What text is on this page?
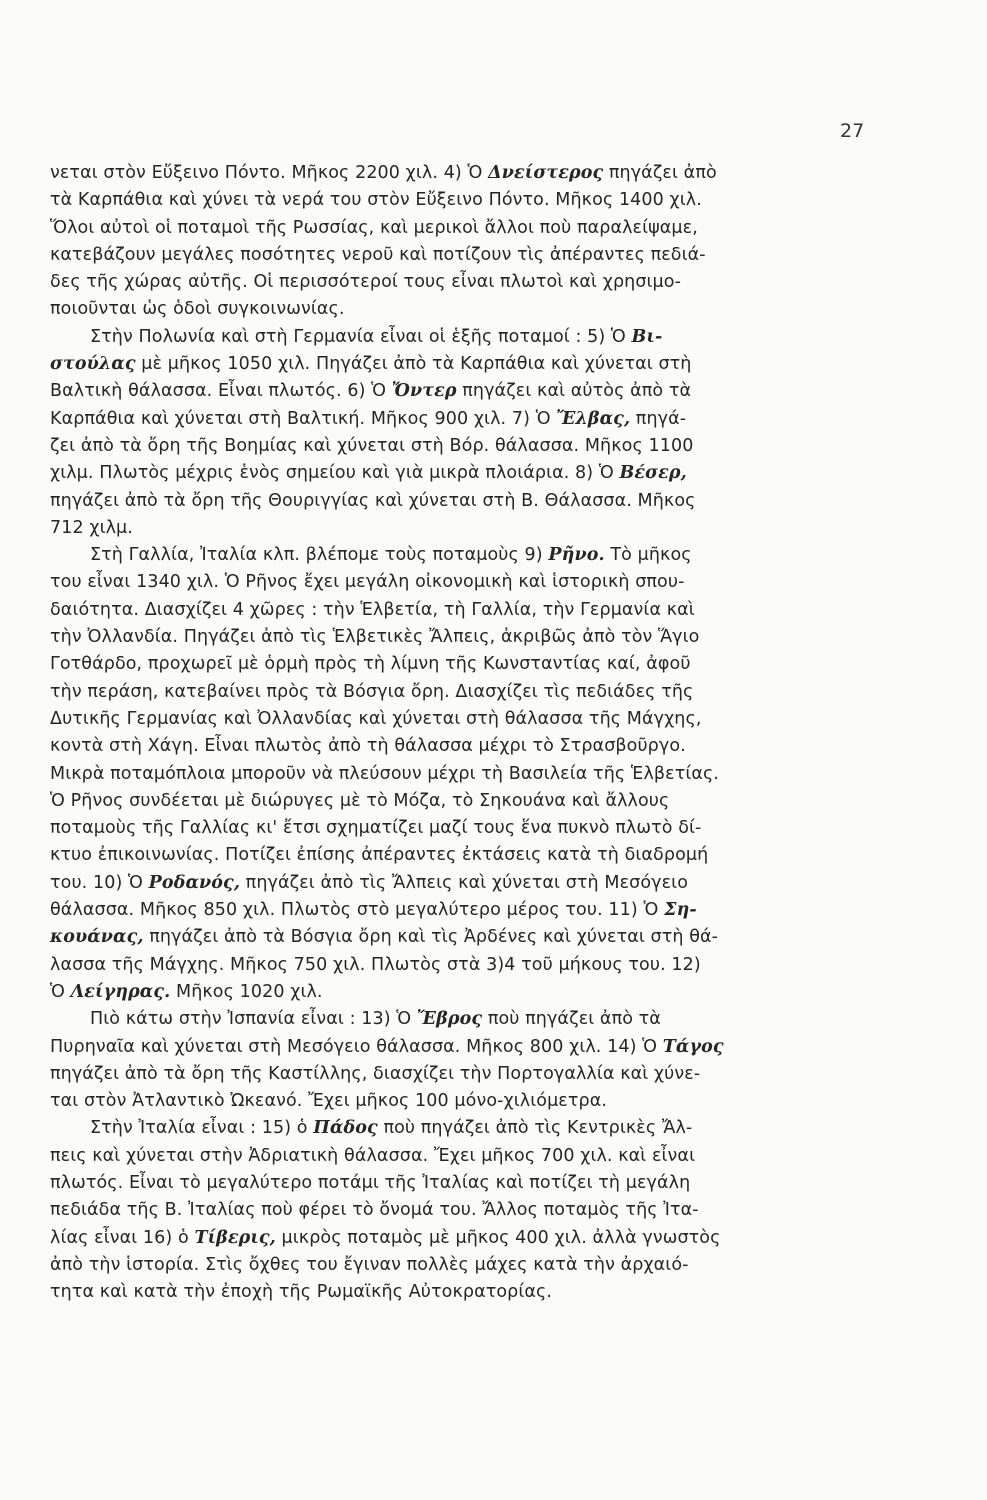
27
νεται στὸν Εὔξεινο Πόντο. Μῆκος 2200 χιλ. 4) Ὁ Δνείστερος πηγάζει ἀπὸ
τὰ Καρπάθια καὶ χύνει τὰ νερά του στὸν Εὔξεινο Πόντο. Μῆκος 1400 χιλ.
Ὅλοι αὐτοὶ οἱ ποταμοὶ τῆς Ρωσσίας, καὶ μερικοὶ ἄλλοι ποὺ παραλείψαμε,
κατεβάζουν μεγάλες ποσότητες νεροῦ καὶ ποτίζουν τὶς ἀπέραντες πεδιά-
δες τῆς χώρας αὐτῆς. Οἱ περισσότεροί τους εἶναι πλωτοὶ καὶ χρησιμο-
ποιοῦνται ὡς ὁδοὶ συγκοινωνίας.
Στὴν Πολωνία καὶ στὴ Γερμανία εἶναι οἱ ἑξῆς ποταμοί : 5) Ὁ Βι-
στούλας μὲ μῆκος 1050 χιλ. Πηγάζει ἀπὸ τὰ Καρπάθια καὶ χύνεται στὴ
Βαλτικὴ θάλασσα. Εἶναι πλωτός. 6) Ὁ Ὄντερ πηγάζει καὶ αὐτὸς ἀπὸ τὰ
Καρπάθια καὶ χύνεται στὴ Βαλτική. Μῆκος 900 χιλ. 7) Ὁ Ἔλβας, πηγά-
ζει ἀπὸ τὰ ὄρη τῆς Βοημίας καὶ χύνεται στὴ Βόρ. θάλασσα. Μῆκος 1100
χιλμ. Πλωτὸς μέχρις ἑνὸς σημείου καὶ γιὰ μικρὰ πλοιάρια. 8) Ὁ Βέσερ,
πηγάζει ἀπὸ τὰ ὄρη τῆς Θουριγγίας καὶ χύνεται στὴ Β. Θάλασσα. Μῆκος
712 χιλμ.
Στὴ Γαλλία, Ἰταλία κλπ. βλέπομε τοὺς ποταμοὺς 9) Ρῆνο. Τὸ μῆκος
του εἶναι 1340 χιλ. Ὁ Ρῆνος ἔχει μεγάλη οἰκονομικὴ καὶ ἱστορικὴ σπου-
δαιότητα. Διασχίζει 4 χῶρες : τὴν Ἑλβετία, τὴ Γαλλία, τὴν Γερμανία καὶ
τὴν Ὀλλανδία. Πηγάζει ἀπὸ τὶς Ἑλβετικὲς Ἄλπεις, ἀκριβῶς ἀπὸ τὸν Ἅγιο
Γοτθάρδο, προχωρεῖ μὲ ὁρμὴ πρὸς τὴ λίμνη τῆς Κωνσταντίας καί, ἀφοῦ
τὴν περάση, κατεβαίνει πρὸς τὰ Βόσγια ὄρη. Διασχίζει τὶς πεδιάδες τῆς
Δυτικῆς Γερμανίας καὶ Ὀλλανδίας καὶ χύνεται στὴ θάλασσα τῆς Μάγχης,
κοντὰ στὴ Χάγη. Εἶναι πλωτὸς ἀπὸ τὴ θάλασσα μέχρι τὸ Στρασβοῦργο.
Μικρὰ ποταμόπλοια μποροῦν νὰ πλεύσουν μέχρι τὴ Βασιλεία τῆς Ἑλβετίας.
Ὁ Ρῆνος συνδέεται μὲ διώρυγες μὲ τὸ Μόζα, τὸ Σηκουάνα καὶ ἄλλους
ποταμοὺς τῆς Γαλλίας κι' ἔτσι σχηματίζει μαζί τους ἕνα πυκνὸ πλωτὸ δί-
κτυο ἐπικοινωνίας. Ποτίζει ἐπίσης ἀπέραντες ἐκτάσεις κατὰ τὴ διαδρομή
του. 10) Ὁ Ροδανός, πηγάζει ἀπὸ τὶς Ἄλπεις καὶ χύνεται στὴ Μεσόγειο
θάλασσα. Μῆκος 850 χιλ. Πλωτὸς στὸ μεγαλύτερο μέρος του. 11) Ὁ Ση-
κουάνας, πηγάζει ἀπὸ τὰ Βόσγια ὄρη καὶ τὶς Ἀρδένες καὶ χύνεται στὴ θά-
λασσα τῆς Μάγχης. Μῆκος 750 χιλ. Πλωτὸς στὰ 3)4 τοῦ μήκους του. 12)
Ὁ Λείγηρας. Μῆκος 1020 χιλ.
Πιὸ κάτω στὴν Ἰσπανία εἶναι : 13) Ὁ Ἔβρος ποὺ πηγάζει ἀπὸ τὰ
Πυρηναῖα καὶ χύνεται στὴ Μεσόγειο θάλασσα. Μῆκος 800 χιλ. 14) Ὁ Τάγος
πηγάζει ἀπὸ τὰ ὄρη τῆς Καστίλλης, διασχίζει τὴν Πορτογαλλία καὶ χύνε-
ται στὸν Ἀτλαντικὸ Ὠκεανό. Ἔχει μῆκος 100 μόνο-χιλιόμετρα.
Στὴν Ἰταλία εἶναι : 15) ὁ Πάδος ποὺ πηγάζει ἀπὸ τὶς Κεντρικὲς Ἄλ-
πεις καὶ χύνεται στὴν Ἀδριατικὴ θάλασσα. Ἔχει μῆκος 700 χιλ. καὶ εἶναι
πλωτός. Εἶναι τὸ μεγαλύτερο ποτάμι τῆς Ἰταλίας καὶ ποτίζει τὴ μεγάλη
πεδιάδα τῆς Β. Ἰταλίας ποὺ φέρει τὸ ὄνομά του. Ἄλλος ποταμὸς τῆς Ἰτα-
λίας εἶναι 16) ὁ Τίβερις, μικρὸς ποταμὸς μὲ μῆκος 400 χιλ. ἀλλὰ γνωστὸς
ἀπὸ τὴν ἱστορία. Στὶς ὄχθες του ἔγιναν πολλὲς μάχες κατὰ τὴν ἀρχαιό-
τητα καὶ κατὰ τὴν ἐποχὴ τῆς Ρωμαϊκῆς Αὐτοκρατορίας.
